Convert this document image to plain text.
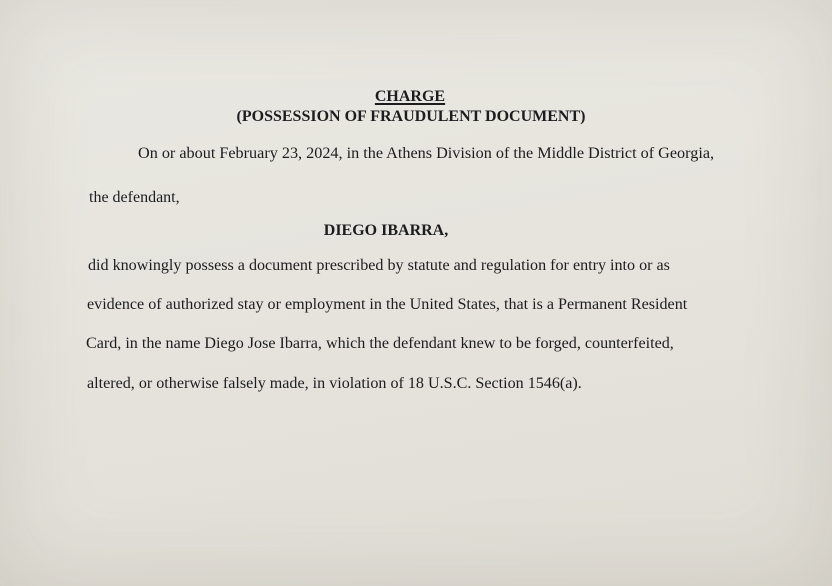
CHARGE
(POSSESSION OF FRAUDULENT DOCUMENT)
On or about February 23, 2024, in the Athens Division of the Middle District of Georgia,
the defendant,
DIEGO IBARRA,
did knowingly possess a document prescribed by statute and regulation for entry into or as
evidence of authorized stay or employment in the United States, that is a Permanent Resident
Card, in the name Diego Jose Ibarra, which the defendant knew to be forged, counterfeited,
altered, or otherwise falsely made, in violation of 18 U.S.C. Section 1546(a).
